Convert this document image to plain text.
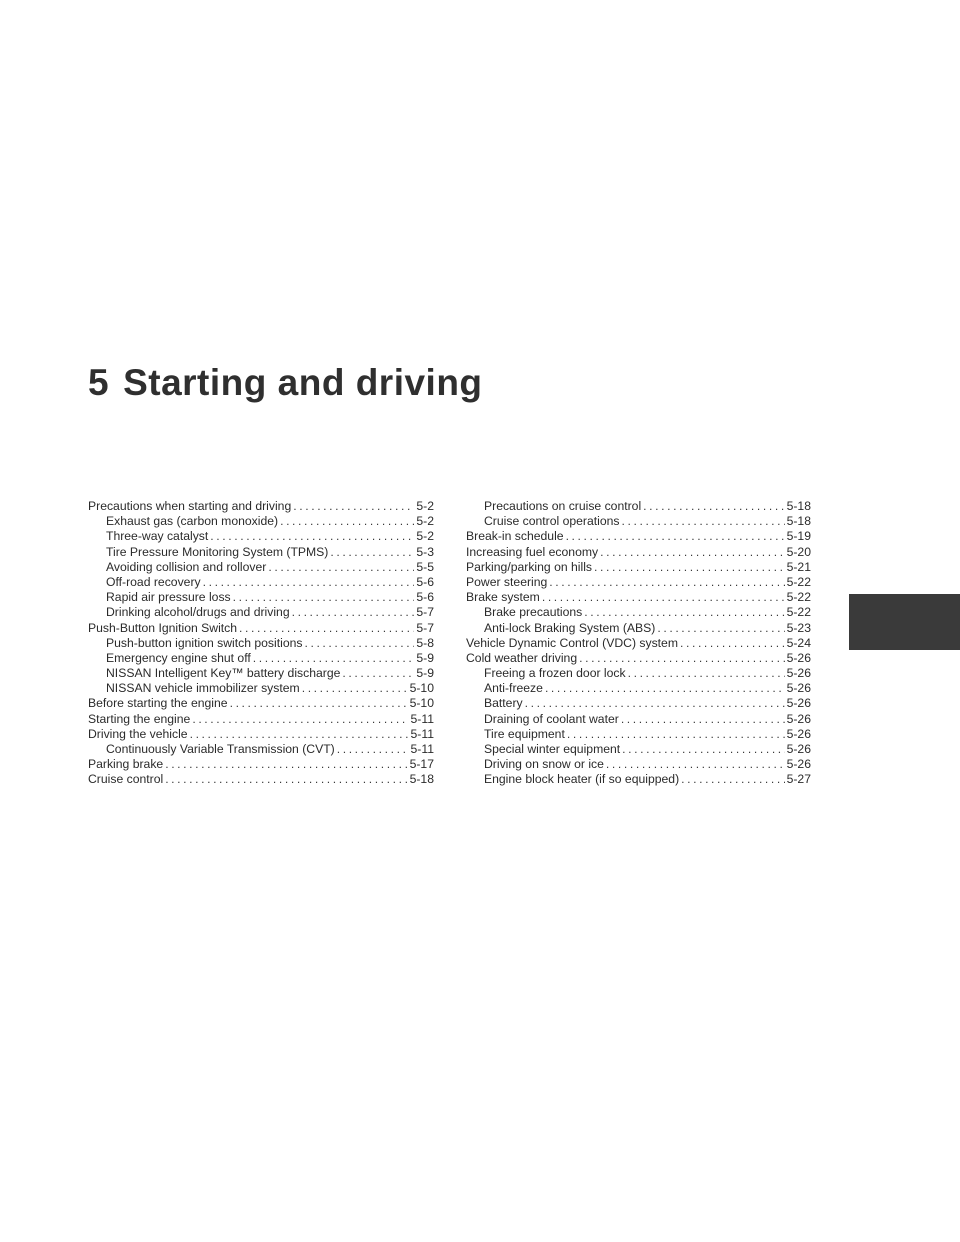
5 Starting and driving
Precautions when starting and driving .....	5-2
Exhaust gas (carbon monoxide) .....	5-2
Three-way catalyst .....	5-2
Tire Pressure Monitoring System (TPMS) .....	5-3
Avoiding collision and rollover .....	5-5
Off-road recovery .....	5-6
Rapid air pressure loss .....	5-6
Drinking alcohol/drugs and driving .....	5-7
Push-Button Ignition Switch .....	5-7
Push-button ignition switch positions .....	5-8
Emergency engine shut off .....	5-9
NISSAN Intelligent Key™ battery discharge .....	5-9
NISSAN vehicle immobilizer system .....	5-10
Before starting the engine .....	5-10
Starting the engine .....	5-11
Driving the vehicle .....	5-11
Continuously Variable Transmission (CVT) .....	5-11
Parking brake .....	5-17
Cruise control .....	5-18
Precautions on cruise control .....	5-18
Cruise control operations .....	5-18
Break-in schedule .....	5-19
Increasing fuel economy .....	5-20
Parking/parking on hills .....	5-21
Power steering .....	5-22
Brake system .....	5-22
Brake precautions .....	5-22
Anti-lock Braking System (ABS) .....	5-23
Vehicle Dynamic Control (VDC) system .....	5-24
Cold weather driving .....	5-26
Freeing a frozen door lock .....	5-26
Anti-freeze .....	5-26
Battery .....	5-26
Draining of coolant water .....	5-26
Tire equipment .....	5-26
Special winter equipment .....	5-26
Driving on snow or ice .....	5-26
Engine block heater (if so equipped) .....	5-27
